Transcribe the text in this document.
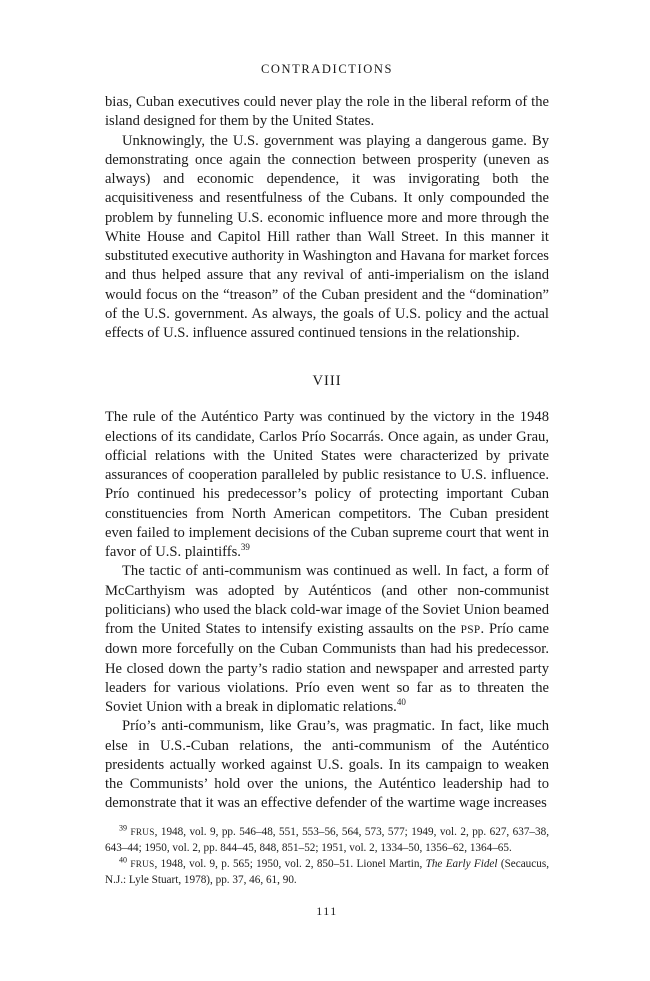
CONTRADICTIONS

bias, Cuban executives could never play the role in the liberal reform of the island designed for them by the United States.

Unknowingly, the U.S. government was playing a dangerous game. By demonstrating once again the connection between prosperity (uneven as always) and economic dependence, it was invigorating both the acquisitiveness and resentfulness of the Cubans. It only compounded the problem by funneling U.S. economic influence more and more through the White House and Capitol Hill rather than Wall Street. In this manner it substituted executive authority in Washington and Havana for market forces and thus helped assure that any revival of anti-imperialism on the island would focus on the “treason” of the Cuban president and the “domination” of the U.S. government. As always, the goals of U.S. policy and the actual effects of U.S. influence assured continued tensions in the relationship.

VIII

The rule of the Auténtico Party was continued by the victory in the 1948 elections of its candidate, Carlos Prío Socarrás. Once again, as under Grau, official relations with the United States were characterized by private assurances of cooperation paralleled by public resistance to U.S. influence. Prío continued his predecessor’s policy of protecting important Cuban constituencies from North American competitors. The Cuban president even failed to implement decisions of the Cuban supreme court that went in favor of U.S. plaintiffs.$^{39}$

The tactic of anti-communism was continued as well. In fact, a form of McCarthyism was adopted by Auténticos (and other non-communist politicians) who used the black cold-war image of the Soviet Union beamed from the United States to intensify existing assaults on the PSP. Prío came down more forcefully on the Cuban Communists than had his predecessor. He closed down the party’s radio station and newspaper and arrested party leaders for various violations. Prío even went so far as to threaten the Soviet Union with a break in diplomatic relations.$^{40}$

Prío’s anti-communism, like Grau’s, was pragmatic. In fact, like much else in U.S.-Cuban relations, the anti-communism of the Auténtico presidents actually worked against U.S. goals. In its campaign to weaken the Communists’ hold over the unions, the Auténtico leadership had to demonstrate that it was an effective defender of the wartime wage increases

$^{39}$ FRUS, 1948, vol. 9, pp. 546–48, 551, 553–56, 564, 573, 577; 1949, vol. 2, pp. 627, 637–38, 643–44; 1950, vol. 2, pp. 844–45, 848, 851–52; 1951, vol. 2, 1334–50, 1356–62, 1364–65.

$^{40}$ FRUS, 1948, vol. 9, p. 565; 1950, vol. 2, 850–51. Lionel Martin, The Early Fidel (Secaucus, N.J.: Lyle Stuart, 1978), pp. 37, 46, 61, 90.

111
